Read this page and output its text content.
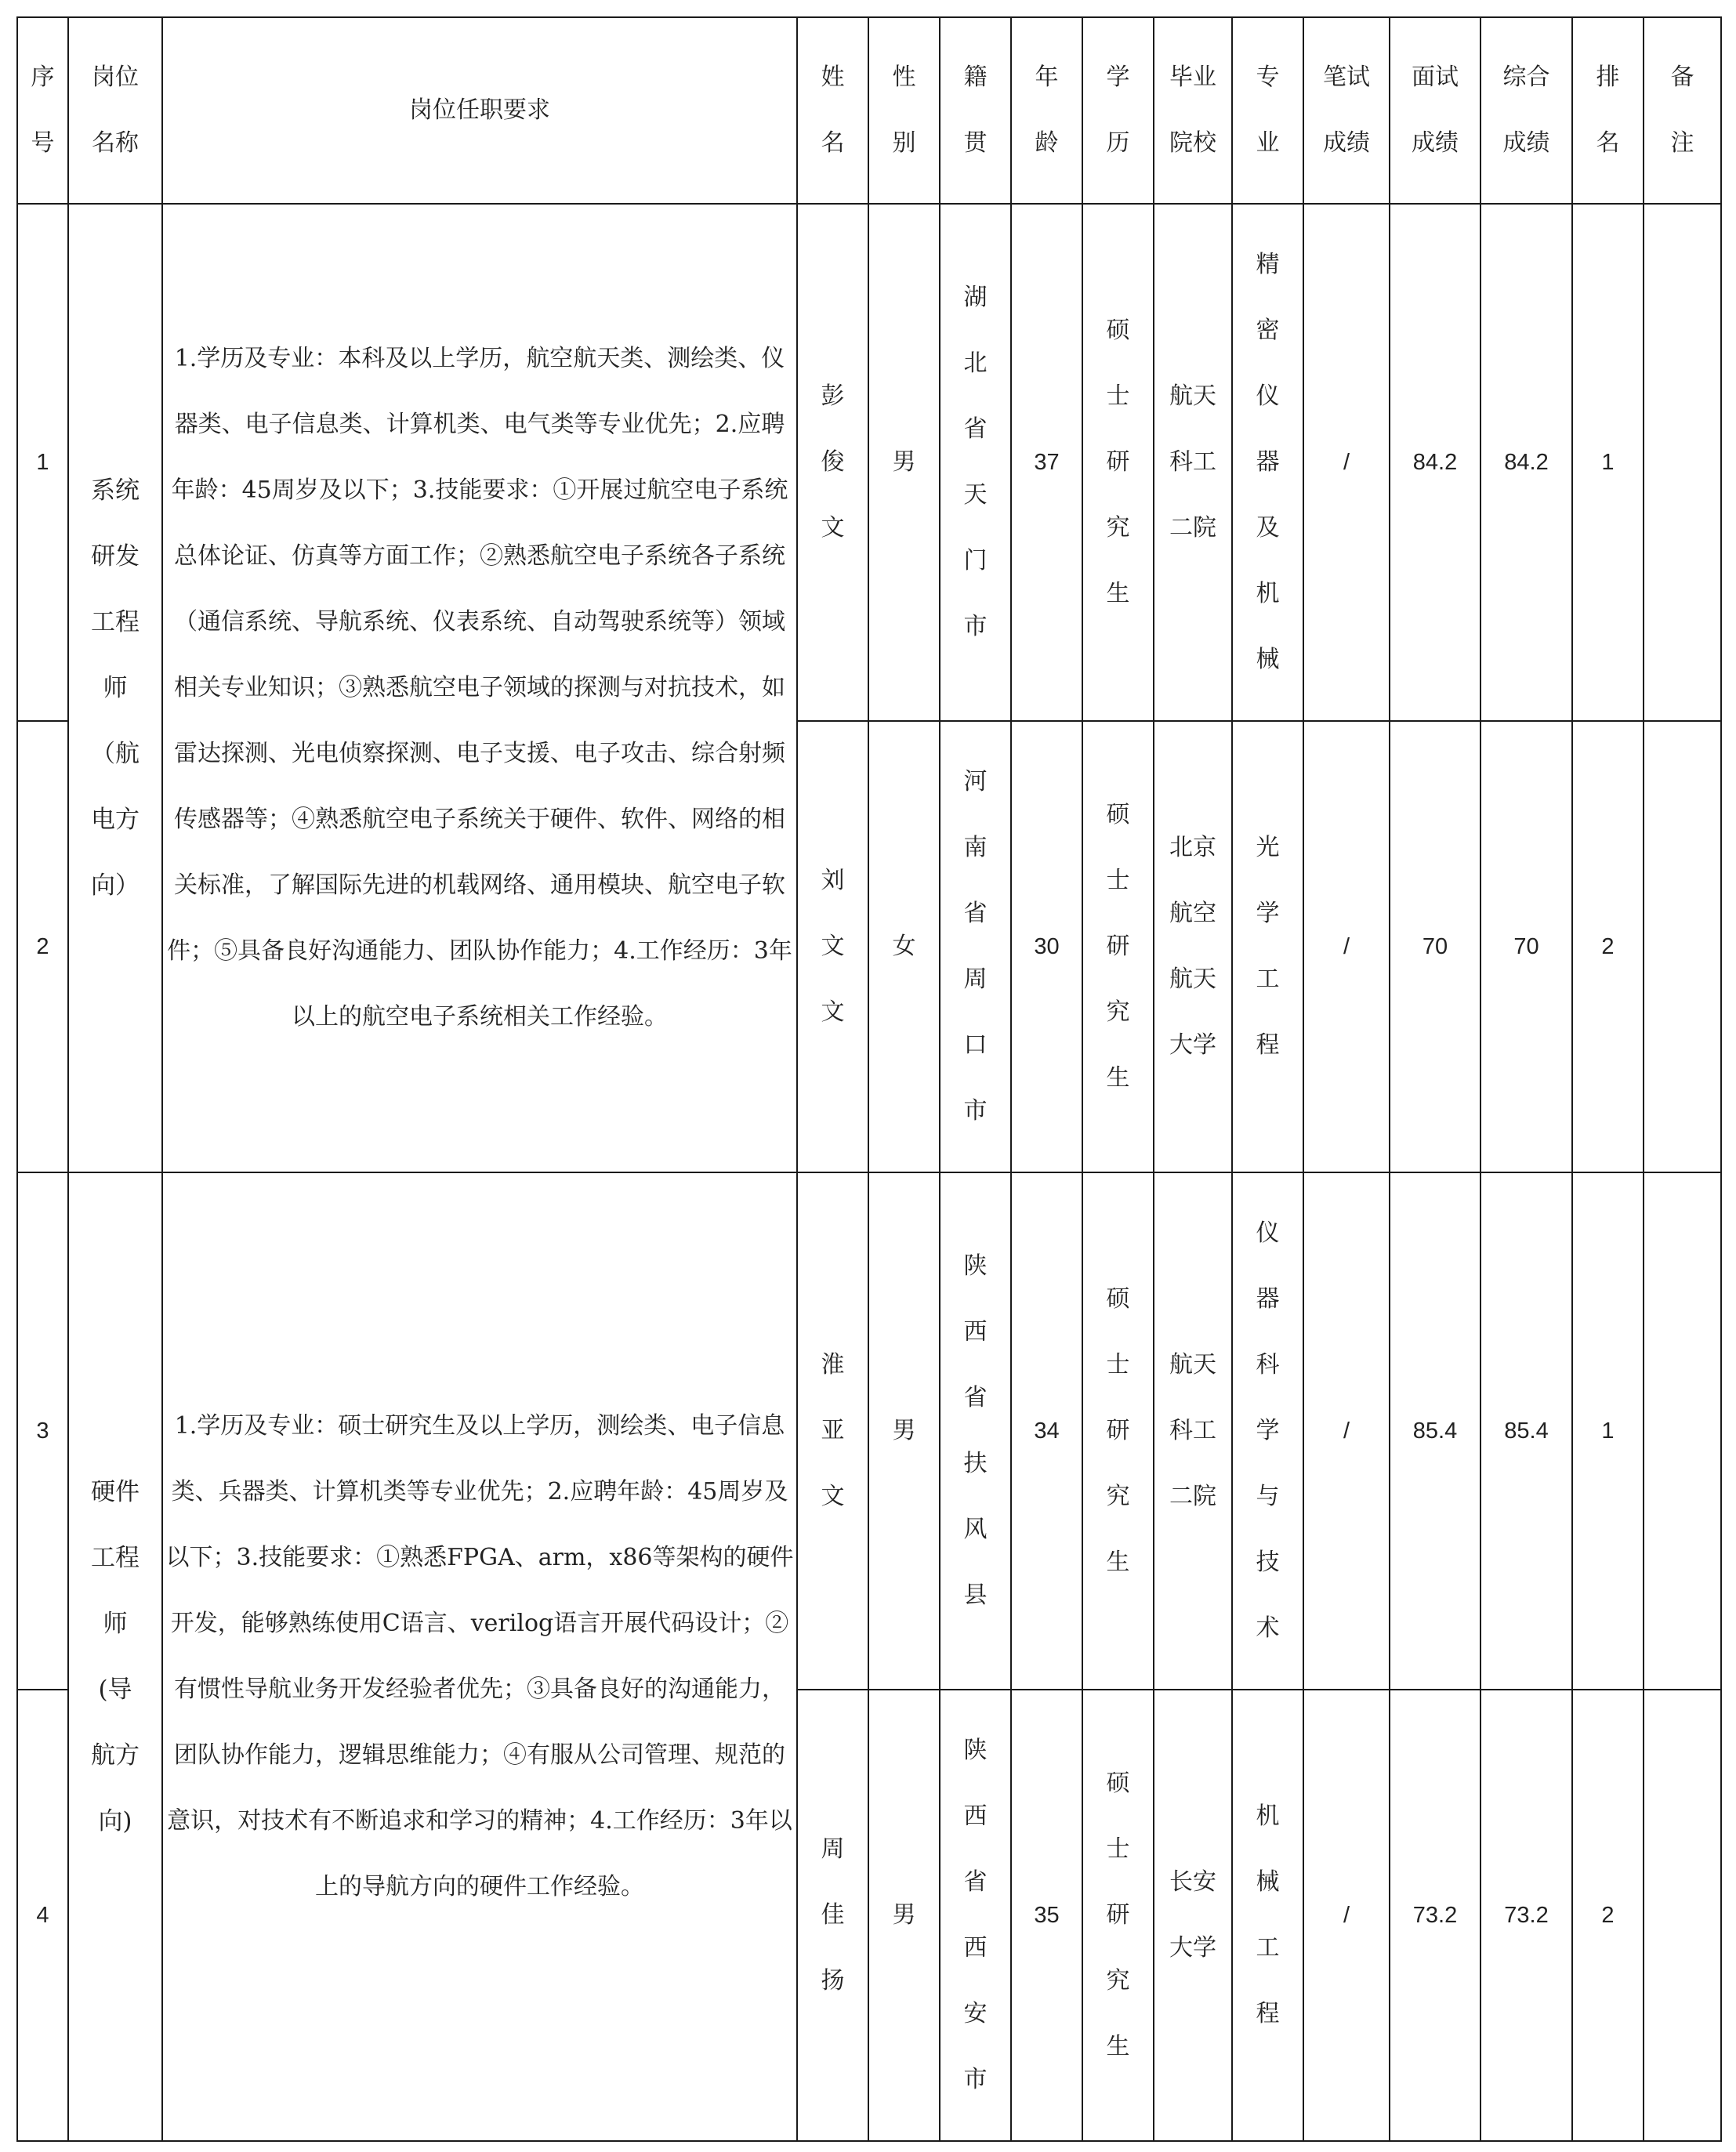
序号	岗位名称	岗位任职要求	姓名	性别	籍贯	年龄	学历	毕业院校	专业	笔试成绩	面试成绩	综合成绩	排名	备注
1	系统研发工程师（航电方向）	1.学历及专业：本科及以上学历，航空航天类、测绘类、仪器类、电子信息类、计算机类、电气类等专业优先；2.应聘年龄：45周岁及以下；3.技能要求：①开展过航空电子系统总体论证、仿真等方面工作；②熟悉航空电子系统各子系统（通信系统、导航系统、仪表系统、自动驾驶系统等）领域相关专业知识；③熟悉航空电子领域的探测与对抗技术，如雷达探测、光电侦察探测、电子支援、电子攻击、综合射频传感器等；④熟悉航空电子系统关于硬件、软件、网络的相关标准，了解国际先进的机载网络、通用模块、航空电子软件；⑤具备良好沟通能力、团队协作能力；4.工作经历：3年以上的航空电子系统相关工作经验。	彭俊文	男	湖北省天门市	37	硕士研究生	航天科工二院	精密仪器及机械	/	84.2	84.2	1	
2			刘文文	女	河南省周口市	30	硕士研究生	北京航空航天大学	光学工程	/	70	70	2	
3	硬件工程师(导航方向)	1.学历及专业：硕士研究生及以上学历，测绘类、电子信息类、兵器类、计算机类等专业优先；2.应聘年龄：45周岁及以下；3.技能要求：①熟悉FPGA、arm，x86等架构的硬件开发，能够熟练使用C语言、verilog语言开展代码设计；②有惯性导航业务开发经验者优先；③具备良好的沟通能力，团队协作能力，逻辑思维能力；④有服从公司管理、规范的意识，对技术有不断追求和学习的精神；4.工作经历：3年以上的导航方向的硬件工作经验。	淮亚文	男	陕西省扶风县	34	硕士研究生	航天科工二院	仪器科学与技术	/	85.4	85.4	1	
4			周佳扬	男	陕西省西安市	35	硕士研究生	长安大学	机械工程	/	73.2	73.2	2	
